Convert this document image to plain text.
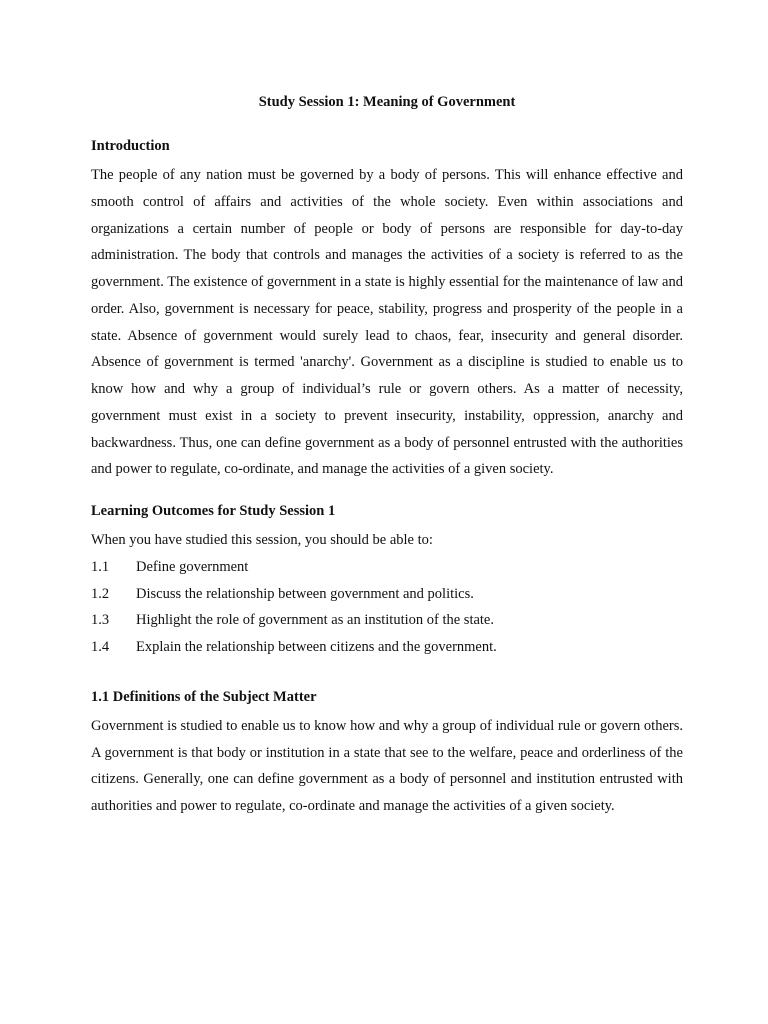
Study Session 1: Meaning of Government
Introduction

The people of any nation must be governed by a body of persons. This will enhance effective and smooth control of affairs and activities of the whole society. Even within associations and organizations a certain number of people or body of persons are responsible for day-to-day administration. The body that controls and manages the activities of a society is referred to as the government. The existence of government in a state is highly essential for the maintenance of law and order. Also, government is necessary for peace, stability, progress and prosperity of the people in a state. Absence of government would surely lead to chaos, fear, insecurity and general disorder. Absence of government is termed 'anarchy'. Government as a discipline is studied to enable us to know how and why a group of individual’s rule or govern others. As a matter of necessity, government must exist in a society to prevent insecurity, instability, oppression, anarchy and backwardness. Thus, one can define government as a body of personnel entrusted with the authorities and power to regulate, co-ordinate, and manage the activities of a given society.

Learning Outcomes for Study Session 1

When you have studied this session, you should be able to:

1.1	Define government
1.2	Discuss the relationship between government and politics.
1.3	Highlight the role of government as an institution of the state.
1.4	Explain the relationship between citizens and the government.
1.1 Definitions of the Subject Matter

Government is studied to enable us to know how and why a group of individual rule or govern others. A government is that body or institution in a state that see to the welfare, peace and orderliness of the citizens. Generally, one can define government as a body of personnel and institution entrusted with authorities and power to regulate, co-ordinate and manage the activities of a given society.
